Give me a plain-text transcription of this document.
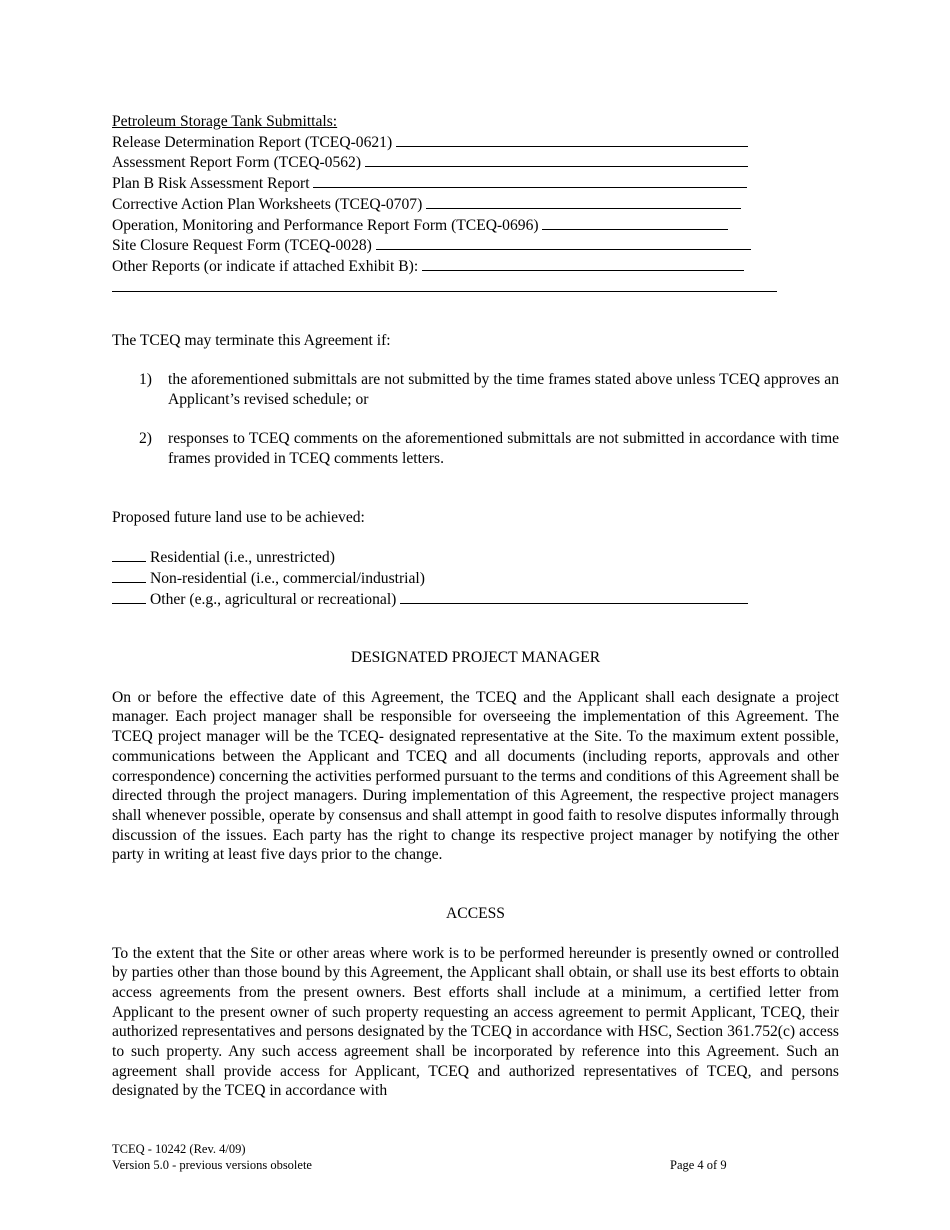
Petroleum Storage Tank Submittals:
Release Determination Report (TCEQ-0621)
Assessment Report Form (TCEQ-0562)
Plan B Risk Assessment Report
Corrective Action Plan Worksheets (TCEQ-0707)
Operation, Monitoring and Performance Report Form (TCEQ-0696)
Site Closure Request Form (TCEQ-0028)
Other Reports (or indicate if attached Exhibit B):

The TCEQ may terminate this Agreement if:

1)	the aforementioned submittals are not submitted by the time frames stated above unless TCEQ approves an Applicant’s revised schedule; or
2)	responses to TCEQ comments on the aforementioned submittals are not submitted in accordance with time frames provided in TCEQ comments letters.

Proposed future land use to be achieved:

Residential (i.e., unrestricted)
Non-residential (i.e., commercial/industrial)
Other (e.g., agricultural or recreational)

DESIGNATED PROJECT MANAGER

On or before the effective date of this Agreement, the TCEQ and the Applicant shall each designate a project manager. Each project manager shall be responsible for overseeing the implementation of this Agreement. The TCEQ project manager will be the TCEQ- designated representative at the Site. To the maximum extent possible, communications between the Applicant and TCEQ and all documents (including reports, approvals and other correspondence) concerning the activities performed pursuant to the terms and conditions of this Agreement shall be directed through the project managers. During implementation of this Agreement, the respective project managers shall whenever possible, operate by consensus and shall attempt in good faith to resolve disputes informally through discussion of the issues. Each party has the right to change its respective project manager by notifying the other party in writing at least five days prior to the change.

ACCESS

To the extent that the Site or other areas where work is to be performed hereunder is presently owned or controlled by parties other than those bound by this Agreement, the Applicant shall obtain, or shall use its best efforts to obtain access agreements from the present owners. Best efforts shall include at a minimum, a certified letter from Applicant to the present owner of such property requesting an access agreement to permit Applicant, TCEQ, their authorized representatives and persons designated by the TCEQ in accordance with HSC, Section 361.752(c) access to such property. Any such access agreement shall be incorporated by reference into this Agreement. Such an agreement shall provide access for Applicant, TCEQ and authorized representatives of TCEQ, and persons designated by the TCEQ in accordance with

TCEQ - 10242 (Rev. 4/09)
Version 5.0 - previous versions obsolete	Page 4 of 9
